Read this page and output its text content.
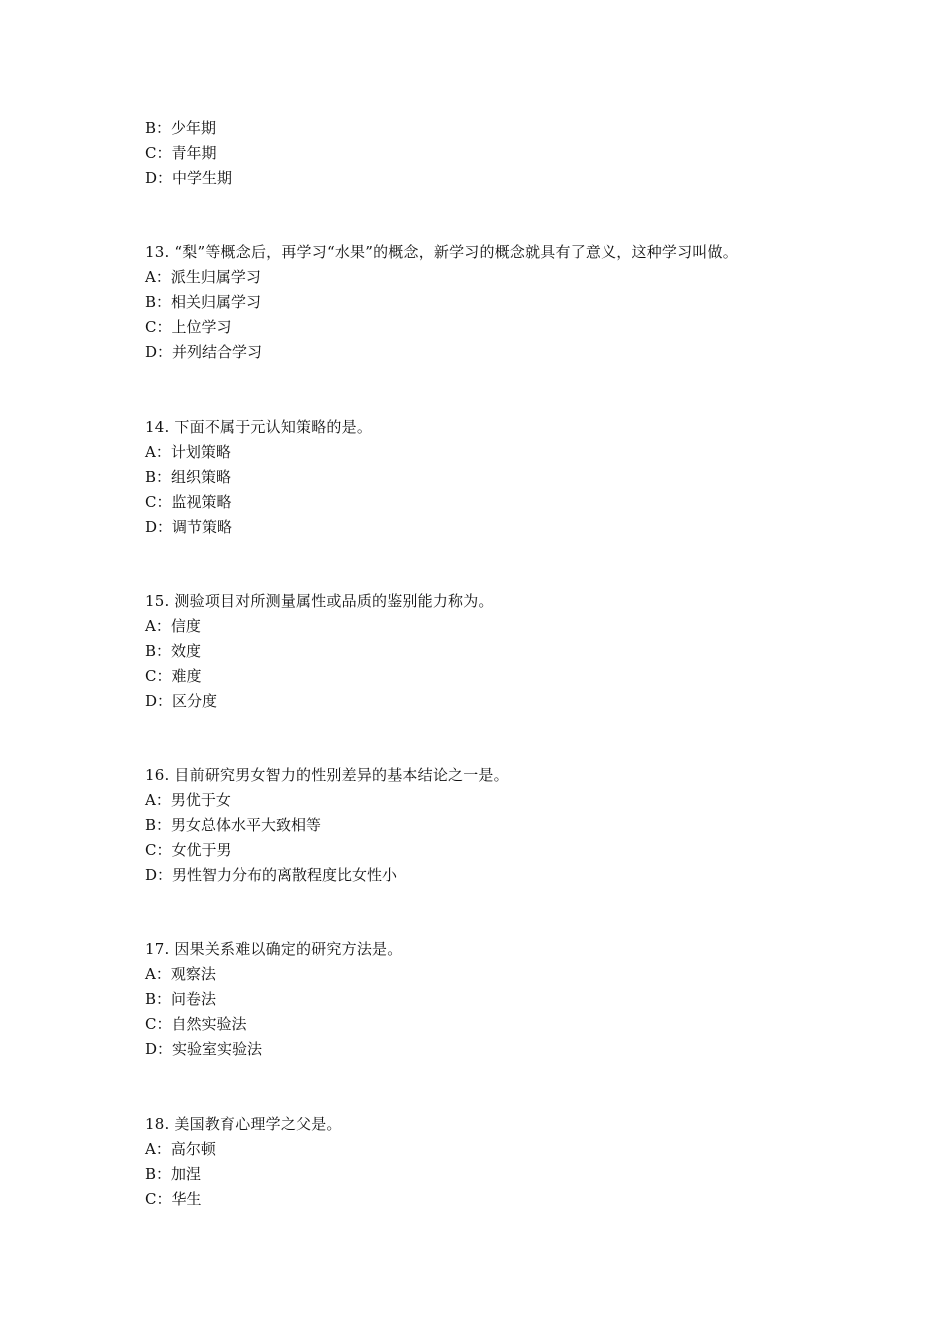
B：少年期
C：青年期
D：中学生期
13. “梨”等概念后，再学习“水果”的概念，新学习的概念就具有了意义，这种学习叫做。
A：派生归属学习
B：相关归属学习
C：上位学习
D：并列结合学习
14. 下面不属于元认知策略的是。
A：计划策略
B：组织策略
C：监视策略
D：调节策略
15. 测验项目对所测量属性或品质的鉴别能力称为。
A：信度
B：效度
C：难度
D：区分度
16. 目前研究男女智力的性别差异的基本结论之一是。
A：男优于女
B：男女总体水平大致相等
C：女优于男
D：男性智力分布的离散程度比女性小
17. 因果关系难以确定的研究方法是。
A：观察法
B：问卷法
C：自然实验法
D：实验室实验法
18. 美国教育心理学之父是。
A：高尔顿
B：加涅
C：华生
